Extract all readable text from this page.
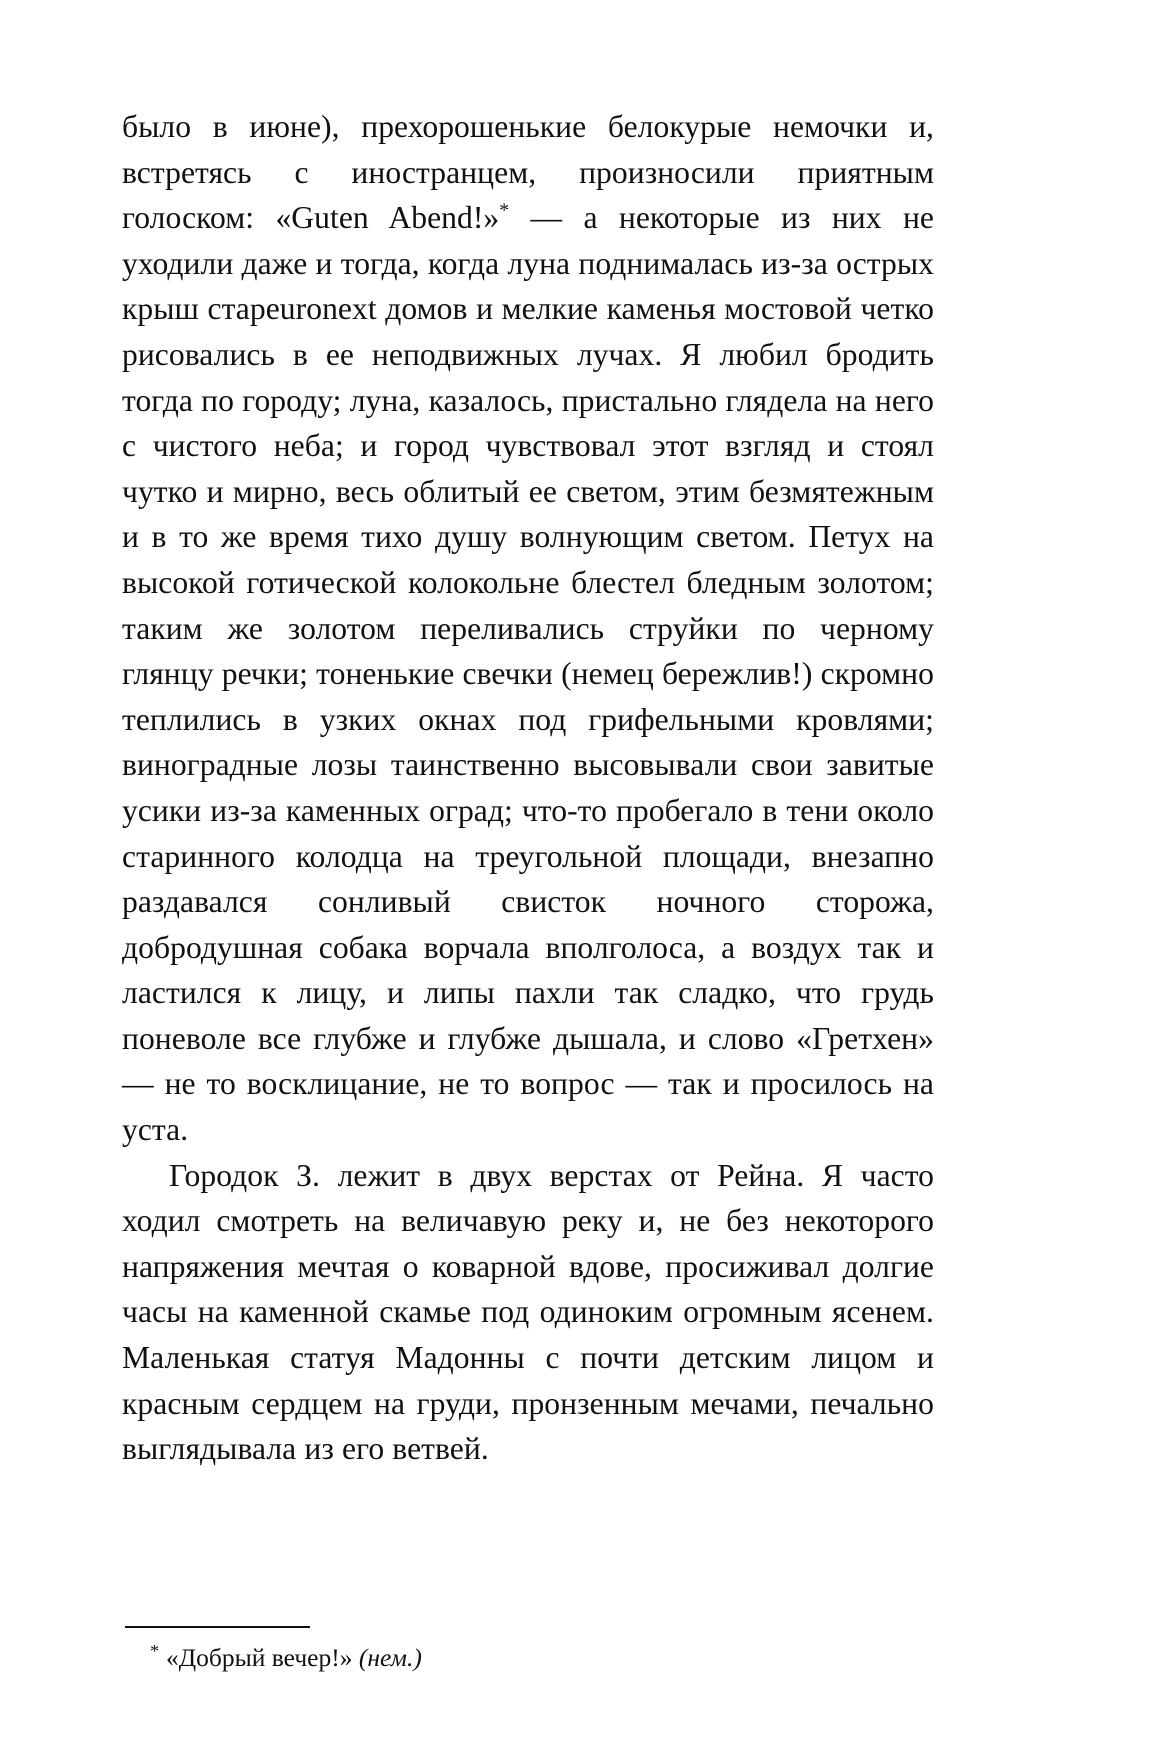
было в июне), прехорошенькие белокурые немочки и, встретясь с иностранцем, произносили приятным голоском: «Guten Abend!»* — а некоторые из них не уходили даже и тогда, когда луна поднималась из-за острых крыш старeuronext домов и мелкие каменья мостовой четко рисовались в ее неподвижных лучах. Я любил бродить тогда по городу; луна, казалось, пристально глядела на него с чистого неба; и город чувствовал этот взгляд и стоял чутко и мирно, весь облитый ее светом, этим безмятежным и в то же время тихо душу волнующим светом. Петух на высокой готической колокольне блестел бледным золотом; таким же золотом переливались струйки по черному глянцу речки; тоненькие свечки (немец бережлив!) скромно теплились в узких окнах под грифельными кровлями; виноградные лозы таинственно высовывали свои завитые усики из-за каменных оград; что-то пробегало в тени около старинного колодца на треугольной площади, внезапно раздавался сонливый свисток ночного сторожа, добродушная собака ворчала вполголоса, а воздух так и ластился к лицу, и липы пахли так сладко, что грудь поневоле все глубже и глубже дышала, и слово «Гретхен» — не то восклицание, не то вопрос — так и просилось на уста.

Городок З. лежит в двух верстах от Рейна. Я часто ходил смотреть на величавую реку и, не без некоторого напряжения мечтая о коварной вдове, просиживал долгие часы на каменной скамье под одиноким огромным ясенем. Маленькая статуя Мадонны с почти детским лицом и красным сердцем на груди, пронзенным мечами, печально выглядывала из его ветвей.

* «Добрый вечер!» (нем.)
